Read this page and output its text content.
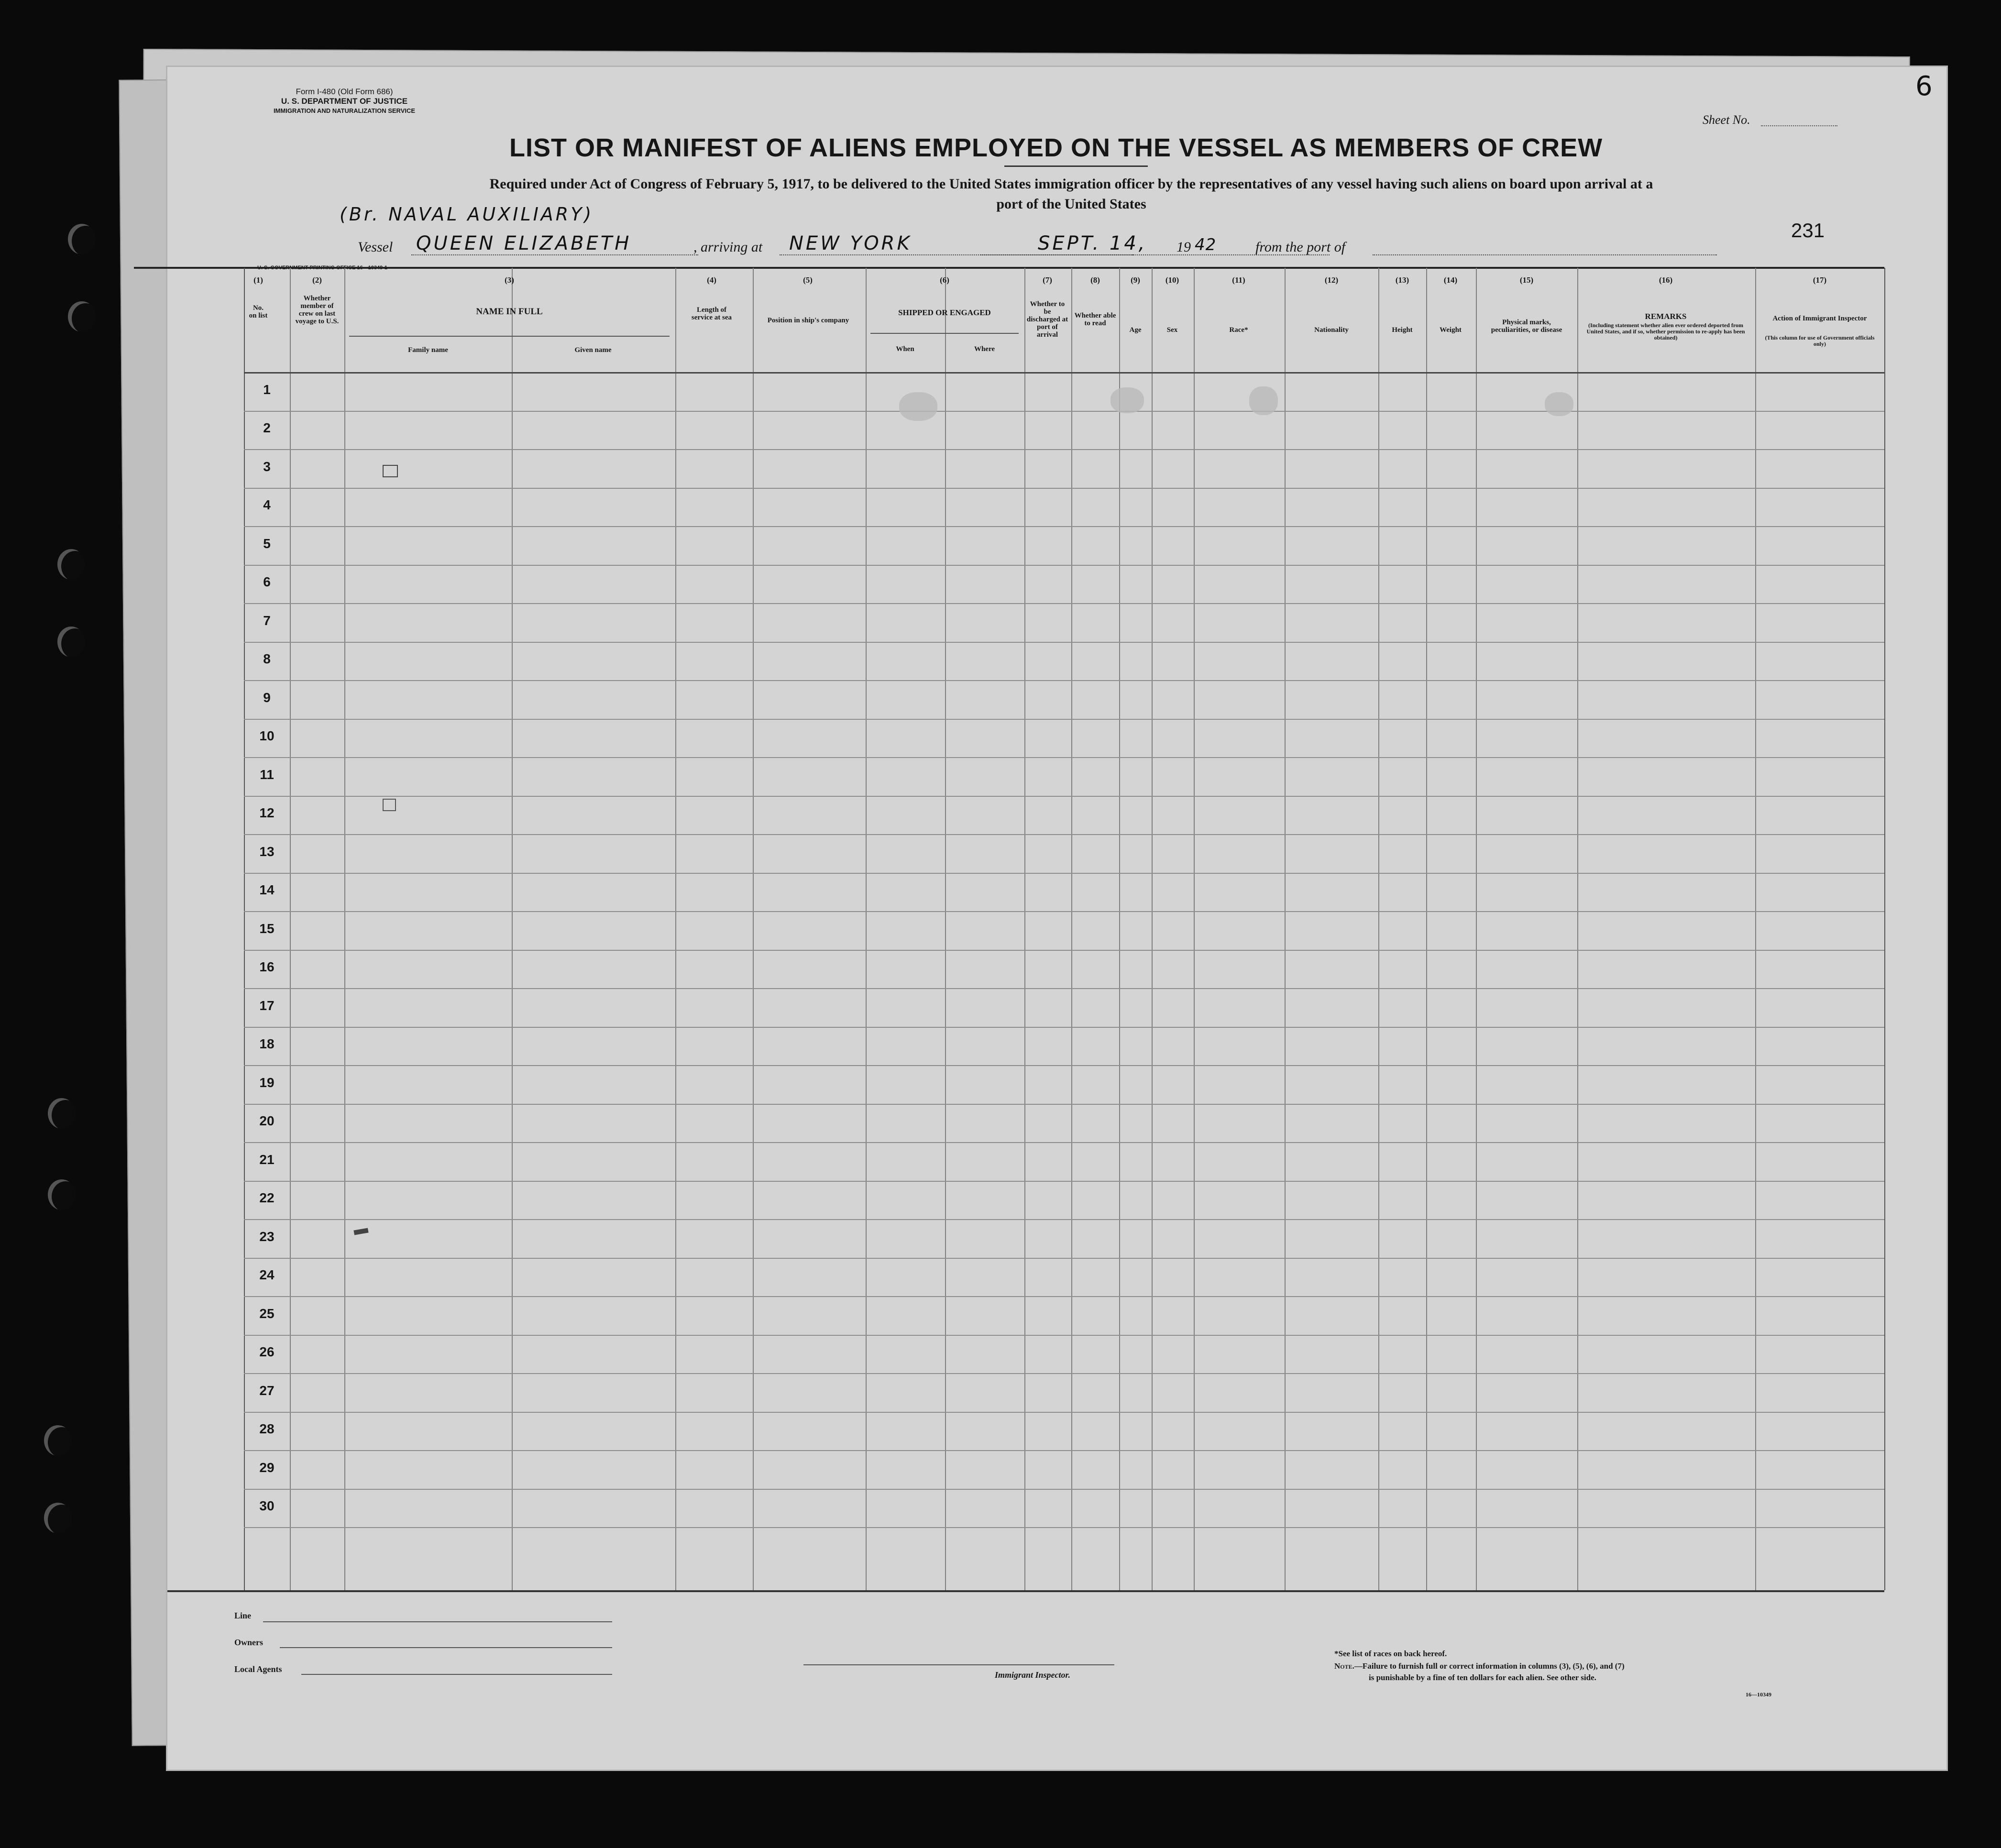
Form I-480 (Old Form 686)
U. S. DEPARTMENT OF JUSTICE
IMMIGRATION AND NATURALIZATION SERVICE
Sheet No.
6
LIST OR MANIFEST OF ALIENS EMPLOYED ON THE VESSEL AS MEMBERS OF CREW
Required under Act of Congress of February 5, 1917, to be delivered to the United States immigration officer by the representatives of any vessel having such aliens on board upon arrival at a
port of the United States
(Br. NAVAL AUXILIARY)
Vessel QUEEN ELIZABETH	, arriving at NEW YORK	SEPT. 14, 19 42	from the port of
231
(1)
No. on list
(2)
Whether member of crew on last voyage to U.S.
(3)
NAME IN FULL
Family name	Given name
(4)
Length of service at sea
(5)
Position in ship's company
(6)
SHIPPED OR ENGAGED
When	Where
(7)
Whether to be discharged at port of arrival
(8)
Whether able to read
(9)
Age
(10)
Sex
(11)
Race*
(12)
Nationality
(13)
Height
(14)
Weight
(15)
Physical marks, peculiarities, or disease
(16)
REMARKS
(Including statement whether alien ever ordered deported from United States, and if so, whether permission to re-apply has been obtained)
(17)
Action of Immigrant Inspector
(This column for use of Government officials only)
1
2
3
4
5
6
7
8
9
10
11
12
13
14
15
16
17
18
19
20
21
22
23
24
25
26
27
28
29
30
Line
Owners
Local Agents
Immigrant Inspector.
*See list of races on back hereof.
Note.—Failure to furnish full or correct information in columns (3), (5), (6), and (7)
is punishable by a fine of ten dollars for each alien. See other side.
16—10349
